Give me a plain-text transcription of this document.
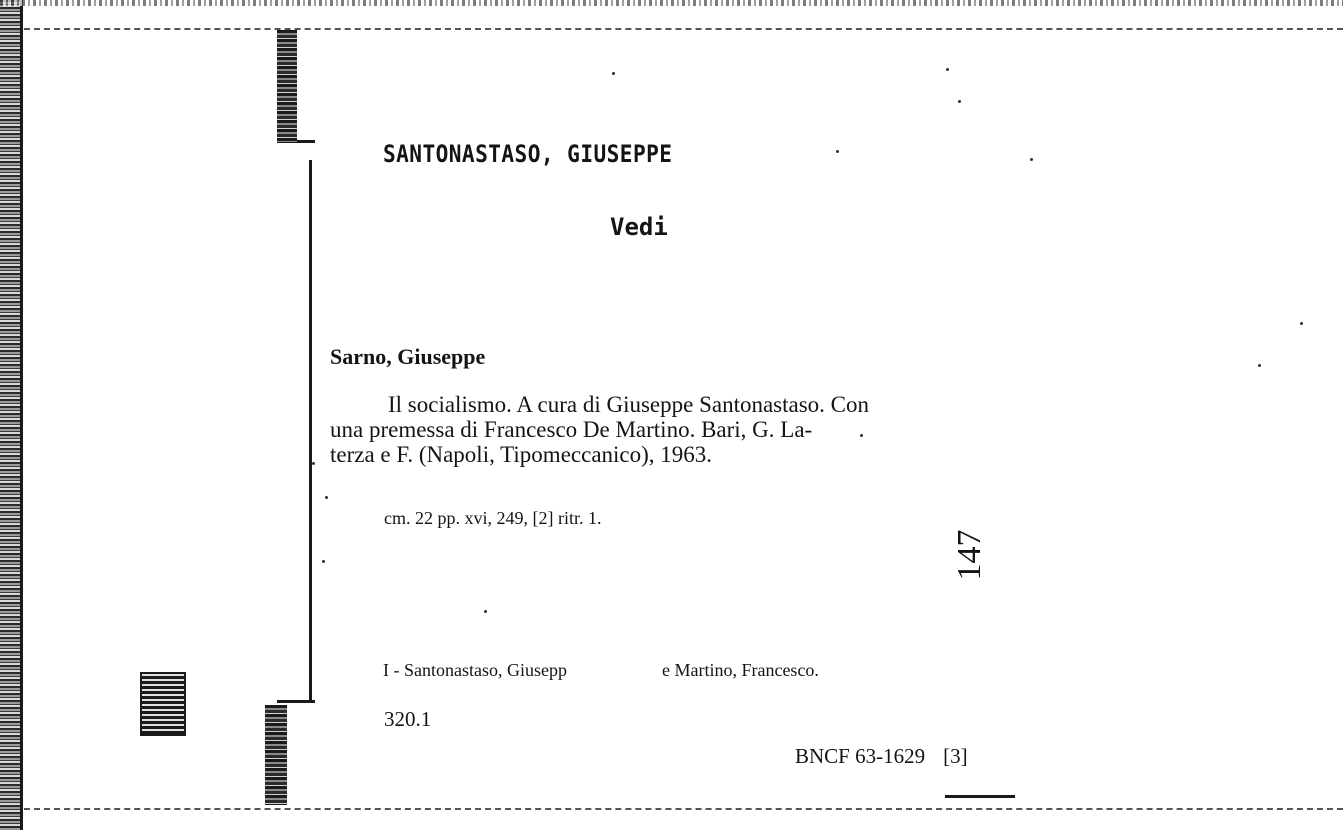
SANTONASTASO, GIUSEPPE
Vedi
Sarno, Giuseppe
Il socialismo. A cura di Giuseppe Santonastaso. Con
una premessa di Francesco De Martino. Bari, G. La-
terza e F. (Napoli, Tipomeccanico), 1963.
cm. 22 pp. xvi, 249, [2] ritr. 1.
147
I - Santonastaso, Giusepp	e Martino, Francesco.
320.1
BNCF 63-1629 [3]
